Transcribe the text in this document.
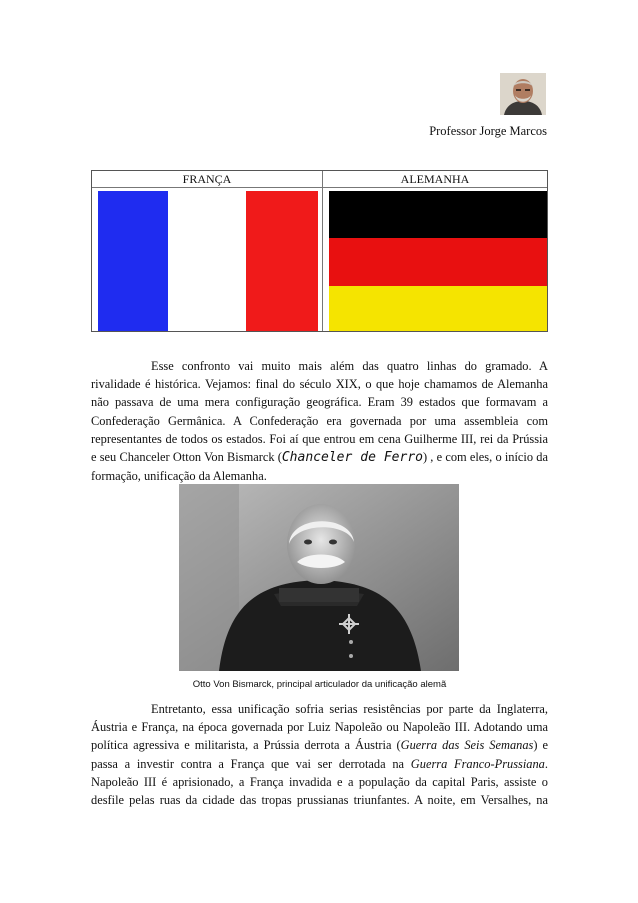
Professor Jorge Marcos
FRANÇA	ALEMANHA
Esse confronto vai muito mais além das quatro linhas do gramado. A
rivalidade é histórica. Vejamos: final do século XIX, o que hoje chamamos de Alemanha
não passava de uma mera configuração geográfica. Eram 39 estados que formavam a
Confederação Germânica. A Confederação era governada por uma assembleia com
representantes de todos os estados. Foi aí que entrou em cena Guilherme III, rei da Prússia
e seu Chanceler Otton Von Bismarck (Chanceler de Ferro) , e com eles, o início da
formação, unificação da Alemanha.
Otto Von Bismarck, principal articulador da unificação alemã
Entretanto, essa unificação sofria serias resistências por parte da Inglaterra,
Áustria e França, na época governada por Luiz Napoleão ou Napoleão III. Adotando uma
política agressiva e militarista, a Prússia derrota a Áustria (Guerra das Seis Semanas) e
passa a investir contra a França que vai ser derrotada na Guerra Franco-Prussiana.
Napoleão III é aprisionado, a França invadida e a população da capital Paris, assiste o
desfile pelas ruas da cidade das tropas prussianas triunfantes. A noite, em Versalhes, na
